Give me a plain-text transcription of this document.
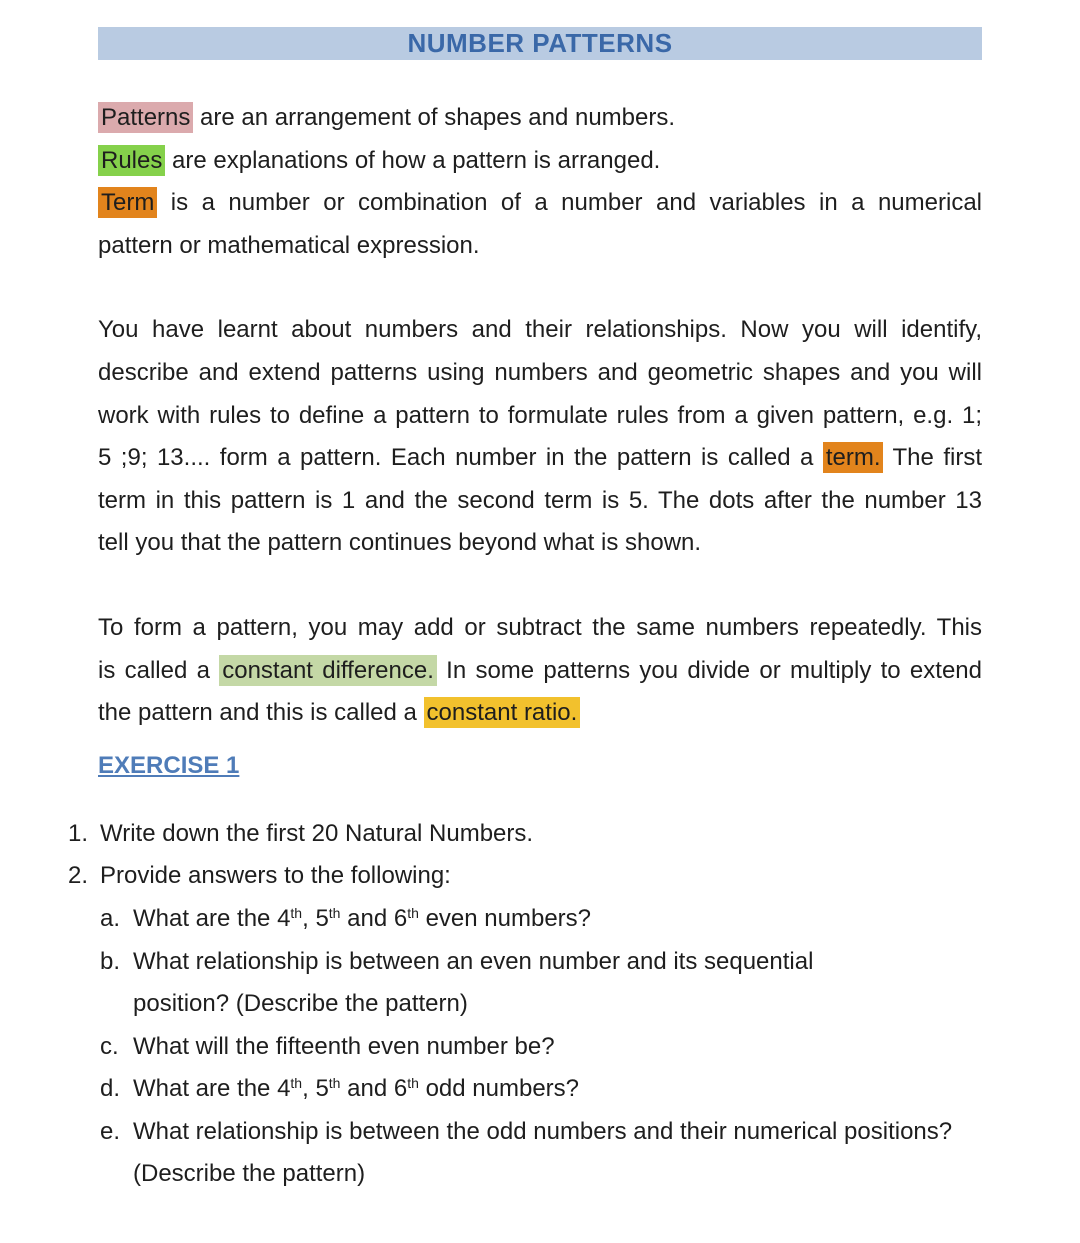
NUMBER PATTERNS
Patterns are an arrangement of shapes and numbers.
Rules are explanations of how a pattern is arranged.
Term is a number or combination of a number and variables in a numerical
pattern or mathematical expression.
You have learnt about numbers and their relationships. Now you will identify,
describe and extend patterns using numbers and geometric shapes and you will
work with rules to define a pattern to formulate rules from a given pattern, e.g. 1;
5 ;9; 13.... form a pattern. Each number in the pattern is called a term. The first
term in this pattern is 1 and the second term is 5. The dots after the number 13
tell you that the pattern continues beyond what is shown.
To form a pattern, you may add or subtract the same numbers repeatedly. This
is called a constant difference. In some patterns you divide or multiply to extend
the pattern and this is called a constant ratio.
EXERCISE 1
1. Write down the first 20 Natural Numbers.
2. Provide answers to the following:
a. What are the 4th, 5th and 6th even numbers?
b. What relationship is between an even number and its sequential
position? (Describe the pattern)
c. What will the fifteenth even number be?
d. What are the 4th, 5th and 6th odd numbers?
e. What relationship is between the odd numbers and their numerical positions?
(Describe the pattern)
